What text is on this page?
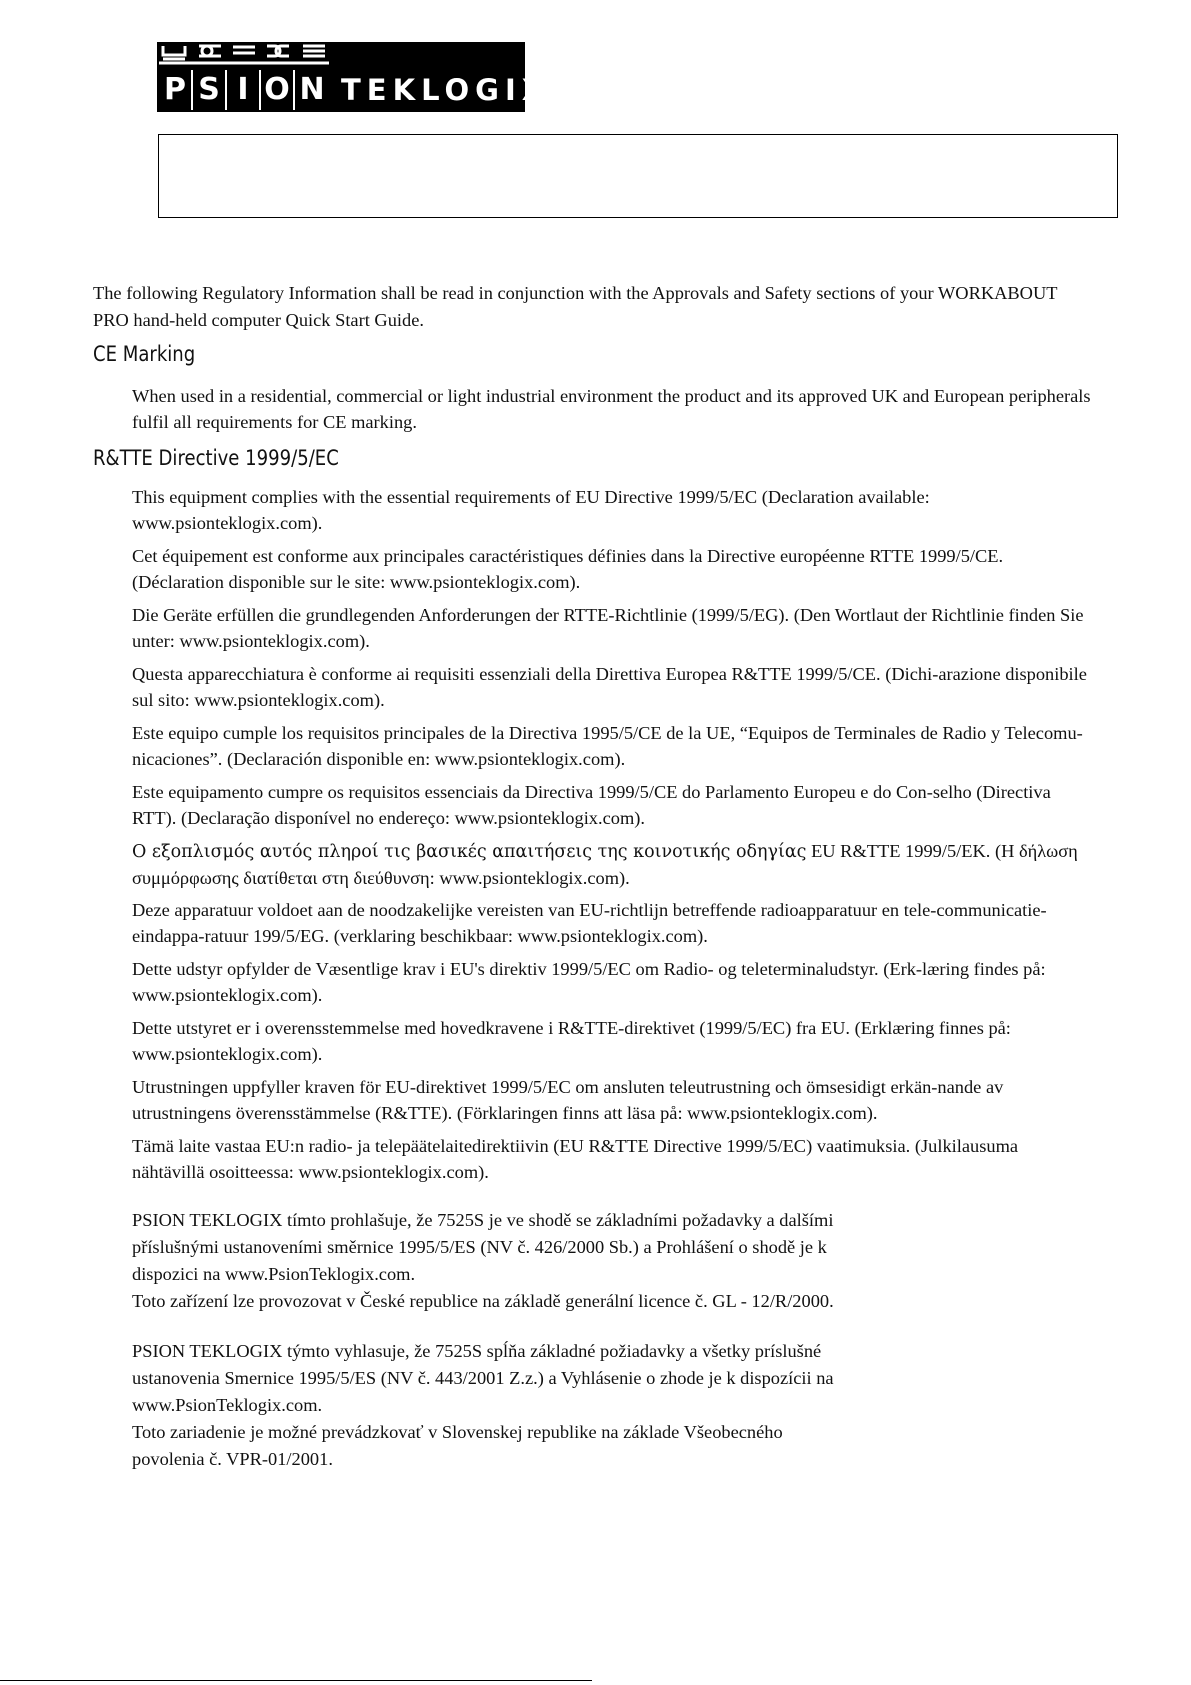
P S I O N TEKLOGIX

The following Regulatory Information shall be read in conjunction with the Approvals and Safety sections of your WORKABOUT PRO hand-held computer Quick Start Guide.

CE Marking

When used in a residential, commercial or light industrial environment the product and its approved UK and European peripherals fulfil all requirements for CE marking.

R&TTE Directive 1999/5/EC

This equipment complies with the essential requirements of EU Directive 1999/5/EC (Declaration available: www.psionteklogix.com).

Cet équipement est conforme aux principales caractéristiques définies dans la Directive européenne RTTE 1999/5/CE. (Déclaration disponible sur le site: www.psionteklogix.com).

Die Geräte erfüllen die grundlegenden Anforderungen der RTTE-Richtlinie (1999/5/EG). (Den Wortlaut der Richtlinie finden Sie unter: www.psionteklogix.com).

Questa apparecchiatura è conforme ai requisiti essenziali della Direttiva Europea R&TTE 1999/5/CE. (Dichi-arazione disponibile sul sito: www.psionteklogix.com).

Este equipo cumple los requisitos principales de la Directiva 1995/5/CE de la UE, “Equipos de Terminales de Radio y Telecomu-nicaciones”. (Declaración disponible en: www.psionteklogix.com).

Este equipamento cumpre os requisitos essenciais da Directiva 1999/5/CE do Parlamento Europeu e do Con-selho (Directiva RTT). (Declaração disponível no endereço: www.psionteklogix.com).

Ο εξοπλισμός αυτός πληροί τις βασικές απαιτήσεις της κοινοτικής οδηγίας EU R&TTE 1999/5/ΕΚ. (Η δήλωση συμμόρφωσης διατίθεται στη διεύθυνση: www.psionteklogix.com).

Deze apparatuur voldoet aan de noodzakelijke vereisten van EU-richtlijn betreffende radioapparatuur en tele-communicatie-eindappa-ratuur 199/5/EG. (verklaring beschikbaar: www.psionteklogix.com).

Dette udstyr opfylder de Væsentlige krav i EU's direktiv 1999/5/EC om Radio- og teleterminaludstyr. (Erk-læring findes på: www.psionteklogix.com).

Dette utstyret er i overensstemmelse med hovedkravene i R&TTE-direktivet (1999/5/EC) fra EU. (Erklæring finnes på: www.psionteklogix.com).

Utrustningen uppfyller kraven för EU-direktivet 1999/5/EC om ansluten teleutrustning och ömsesidigt erkän-nande av utrustningens överensstämmelse (R&TTE). (Förklaringen finns att läsa på: www.psionteklogix.com).

Tämä laite vastaa EU:n radio- ja telepäätelaitedirektiivin (EU R&TTE Directive 1999/5/EC) vaatimuksia. (Julkilausuma nähtävillä osoitteessa: www.psionteklogix.com).

PSION TEKLOGIX tímto prohlašuje, že 7525S je ve shodě se základními požadavky a dalšími
příslušnými ustanoveními směrnice 1995/5/ES (NV č. 426/2000 Sb.) a Prohlášení o shodě je k
dispozici na www.PsionTeklogix.com.
Toto zařízení lze provozovat v České republice na základě generální licence č. GL - 12/R/2000.
PSION TEKLOGIX týmto vyhlasuje, že 7525S spĺňa základné požiadavky a všetky príslušné
ustanovenia Smernice 1995/5/ES (NV č. 443/2001 Z.z.) a Vyhlásenie o zhode je k dispozícii na
www.PsionTeklogix.com.
Toto zariadenie je možné prevádzkovať v Slovenskej republike na základe Všeobecného
povolenia č. VPR-01/2001.
